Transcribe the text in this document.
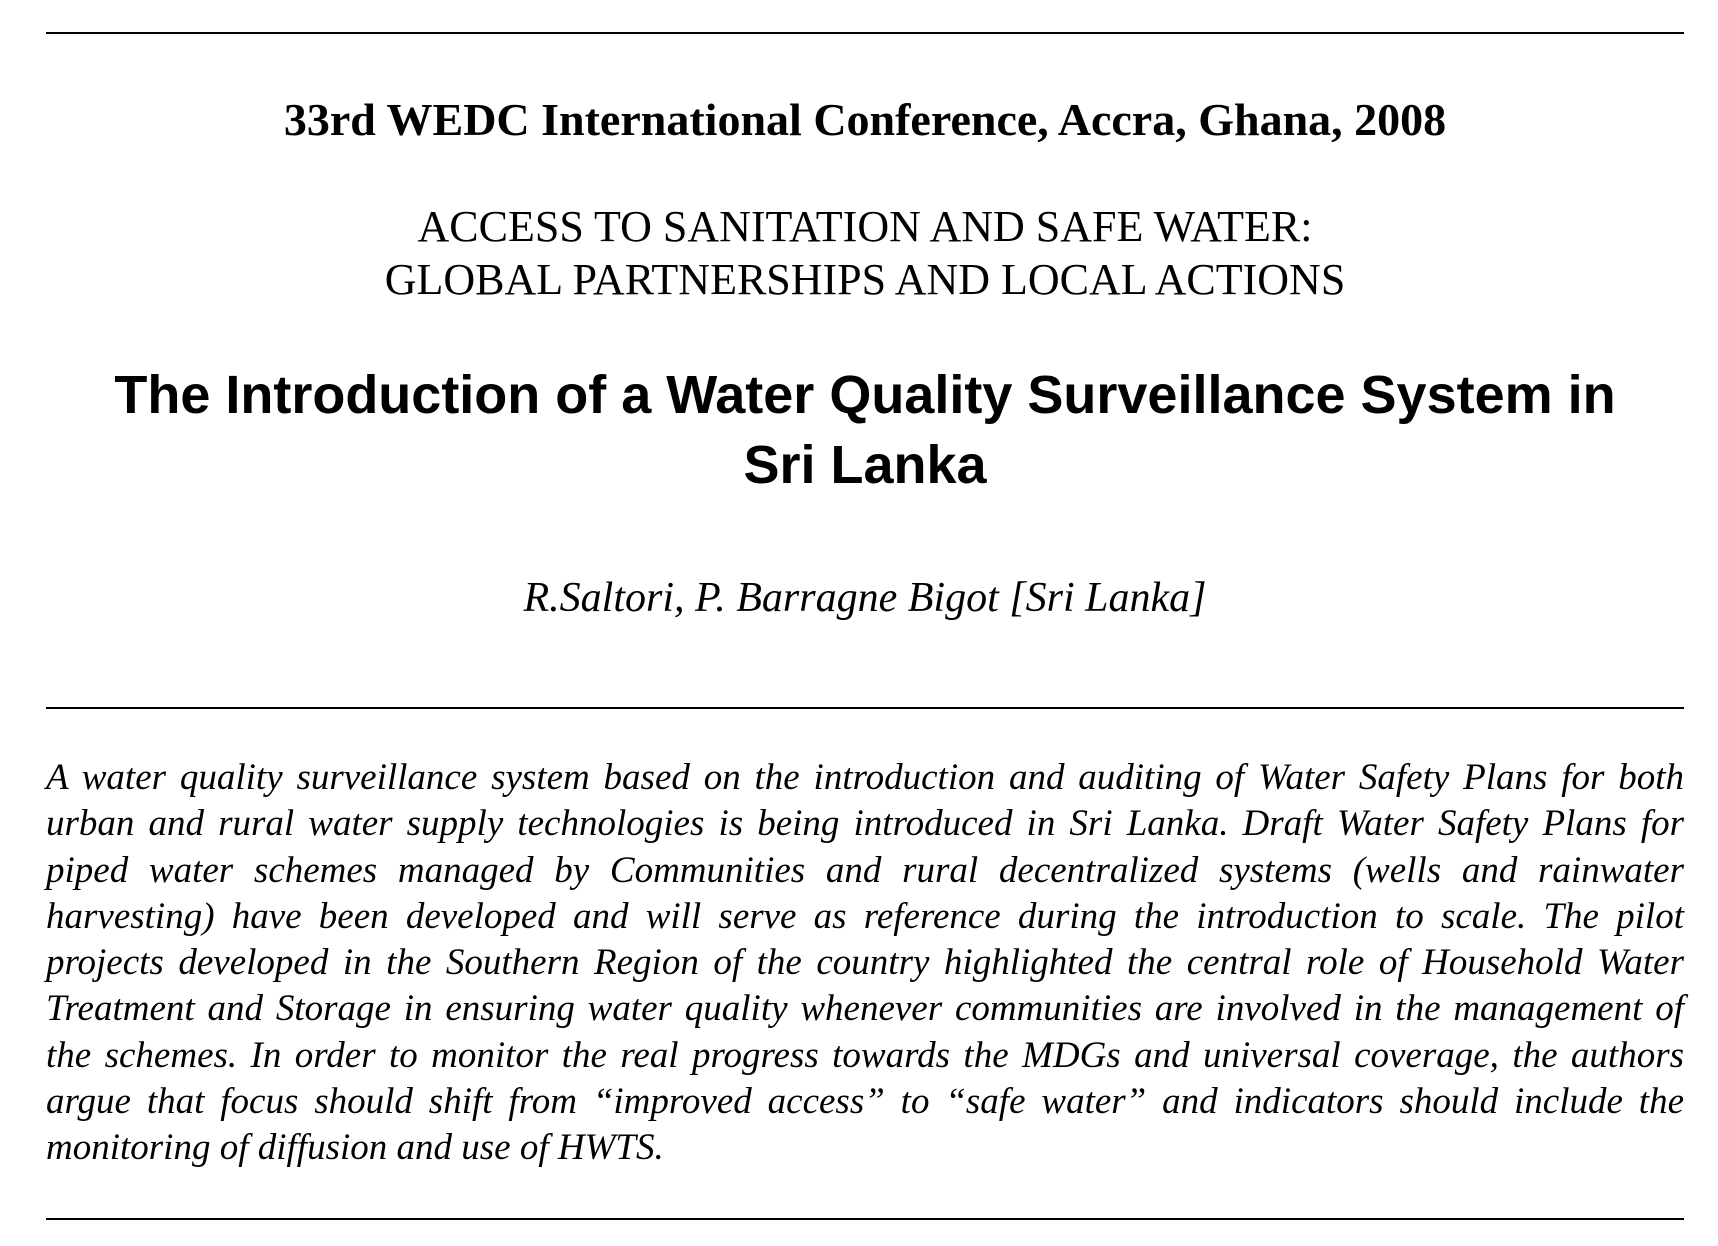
33rd WEDC International Conference, Accra, Ghana, 2008
ACCESS TO SANITATION AND SAFE WATER:
GLOBAL PARTNERSHIPS AND LOCAL ACTIONS
The Introduction of a Water Quality Surveillance System in
Sri Lanka

R.Saltori, P. Barragne Bigot [Sri Lanka]

A water quality surveillance system based on the introduction and auditing of Water Safety Plans for both urban and rural water supply technologies is being introduced in Sri Lanka. Draft Water Safety Plans for piped water schemes managed by Communities and rural decentralized systems (wells and rainwater harvesting) have been developed and will serve as reference during the introduction to scale. The pilot projects developed in the Southern Region of the country highlighted the central role of Household Water Treatment and Storage in ensuring water quality whenever communities are involved in the management of the schemes. In order to monitor the real progress towards the MDGs and universal coverage, the authors argue that focus should shift from “improved access” to “safe water” and indicators should include the monitoring of diffusion and use of HWTS.
